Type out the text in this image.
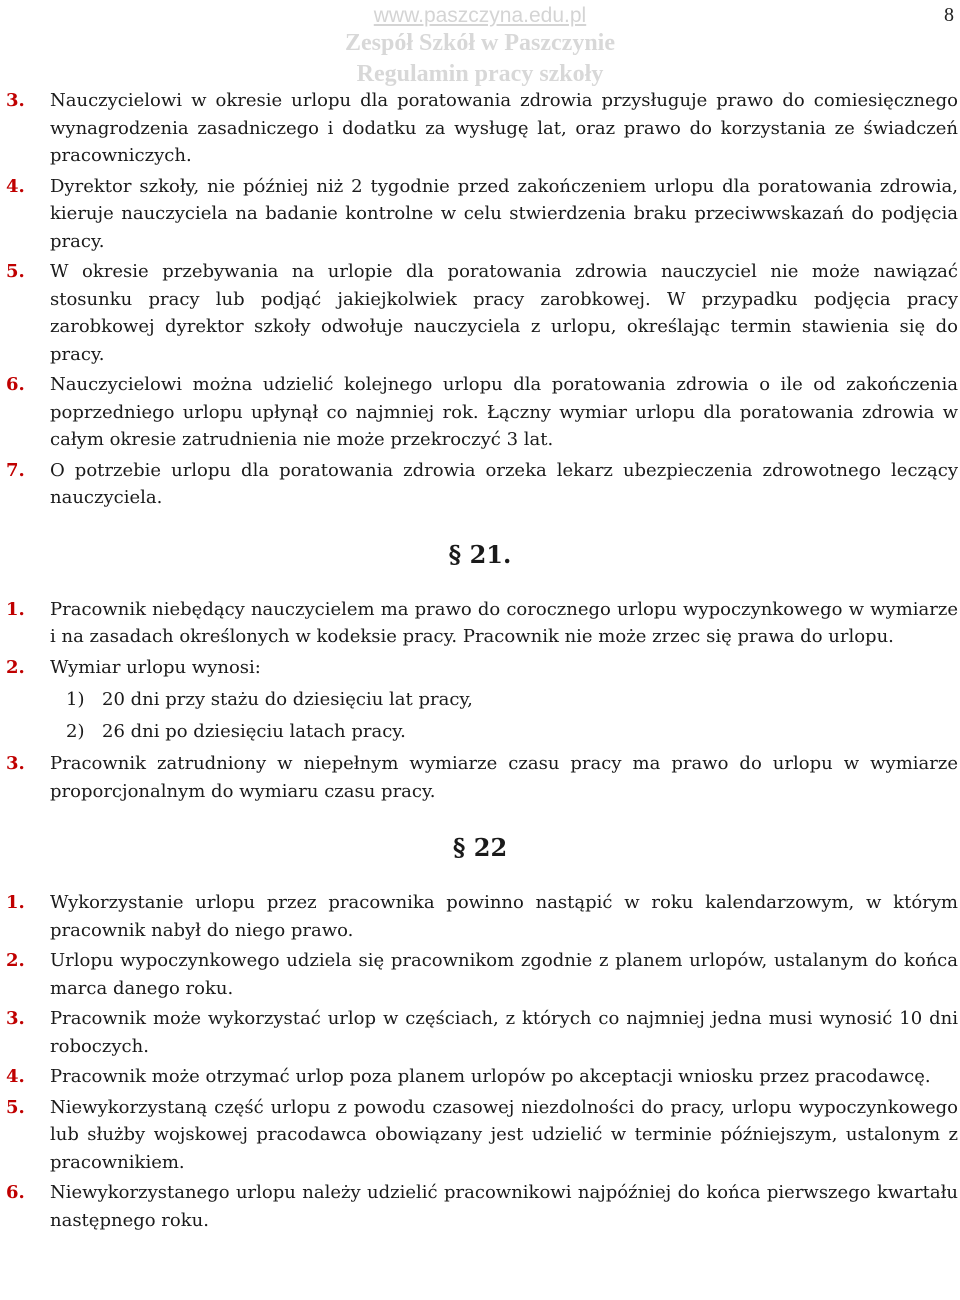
8
www.paszczyna.edu.pl
Zespół Szkół w Paszczynie
Regulamin pracy szkoły
3. Nauczycielowi w okresie urlopu dla poratowania zdrowia przysługuje prawo do comiesięcznego wynagrodzenia zasadniczego i dodatku za wysługę lat, oraz prawo do korzystania ze świadczeń pracowniczych.
4. Dyrektor szkoły, nie później niż 2 tygodnie przed zakończeniem urlopu dla poratowania zdrowia, kieruje nauczyciela na badanie kontrolne w celu stwierdzenia braku przeciwwskazań do podjęcia pracy.
5. W okresie przebywania na urlopie dla poratowania zdrowia nauczyciel nie może nawiązać stosunku pracy lub podjąć jakiejkolwiek pracy zarobkowej. W przypadku podjęcia pracy zarobkowej dyrektor szkoły odwołuje nauczyciela z urlopu, określając termin stawienia się do pracy.
6. Nauczycielowi można udzielić kolejnego urlopu dla poratowania zdrowia o ile od zakończenia poprzedniego urlopu upłynął co najmniej rok. Łączny wymiar urlopu dla poratowania zdrowia w całym okresie zatrudnienia nie może przekroczyć 3 lat.
7. O potrzebie urlopu dla poratowania zdrowia orzeka lekarz ubezpieczenia zdrowotnego leczący nauczyciela.
§ 21.
1. Pracownik niebędący nauczycielem ma prawo do corocznego urlopu wypoczynkowego w wymiarze i na zasadach określonych w kodeksie pracy. Pracownik nie może zrzec się prawa do urlopu.
2. Wymiar urlopu wynosi:
1) 20 dni przy stażu do dziesięciu lat pracy,
2) 26 dni po dziesięciu latach pracy.
3. Pracownik zatrudniony w niepełnym wymiarze czasu pracy ma prawo do urlopu w wymiarze proporcjonalnym do wymiaru czasu pracy.
§ 22
1. Wykorzystanie urlopu przez pracownika powinno nastąpić w roku kalendarzowym, w którym pracownik nabył do niego prawo.
2. Urlopu wypoczynkowego udziela się pracownikom zgodnie z planem urlopów, ustalanym do końca marca danego roku.
3. Pracownik może wykorzystać urlop w częściach, z których co najmniej jedna musi wynosić 10 dni roboczych.
4. Pracownik może otrzymać urlop poza planem urlopów po akceptacji wniosku przez pracodawcę.
5. Niewykorzystaną część urlopu z powodu czasowej niezdolności do pracy, urlopu wypoczynkowego lub służby wojskowej pracodawca obowiązany jest udzielić w terminie późniejszym, ustalonym z pracownikiem.
6. Niewykorzystanego urlopu należy udzielić pracownikowi najpóźniej do końca pierwszego kwartału następnego roku.
